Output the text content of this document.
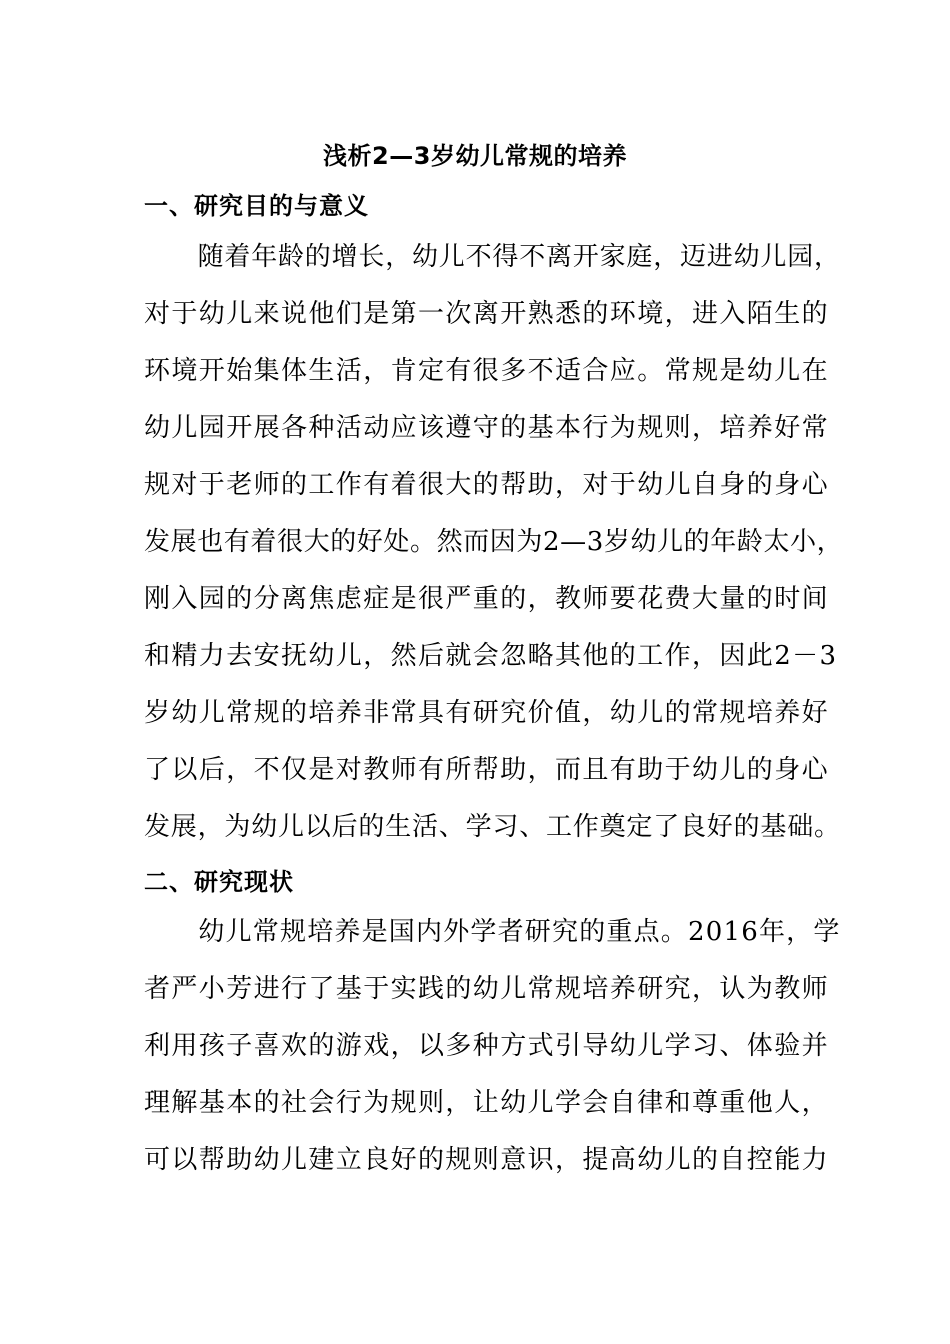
浅析2—3岁幼儿常规的培养
一、研究目的与意义
　　随着年龄的增长，幼儿不得不离开家庭，迈进幼儿园，
对于幼儿来说他们是第一次离开熟悉的环境，进入陌生的
环境开始集体生活，肯定有很多不适合应。常规是幼儿在
幼儿园开展各种活动应该遵守的基本行为规则，培养好常
规对于老师的工作有着很大的帮助，对于幼儿自身的身心
发展也有着很大的好处。然而因为2—3岁幼儿的年龄太小，
刚入园的分离焦虑症是很严重的，教师要花费大量的时间
和精力去安抚幼儿，然后就会忽略其他的工作，因此2－3
岁幼儿常规的培养非常具有研究价值，幼儿的常规培养好
了以后，不仅是对教师有所帮助，而且有助于幼儿的身心
发展，为幼儿以后的生活、学习、工作奠定了良好的基础。
二、研究现状
　　幼儿常规培养是国内外学者研究的重点。2016年，学
者严小芳进行了基于实践的幼儿常规培养研究，认为教师
利用孩子喜欢的游戏，以多种方式引导幼儿学习、体验并
理解基本的社会行为规则，让幼儿学会自律和尊重他人，
可以帮助幼儿建立良好的规则意识，提高幼儿的自控能力
